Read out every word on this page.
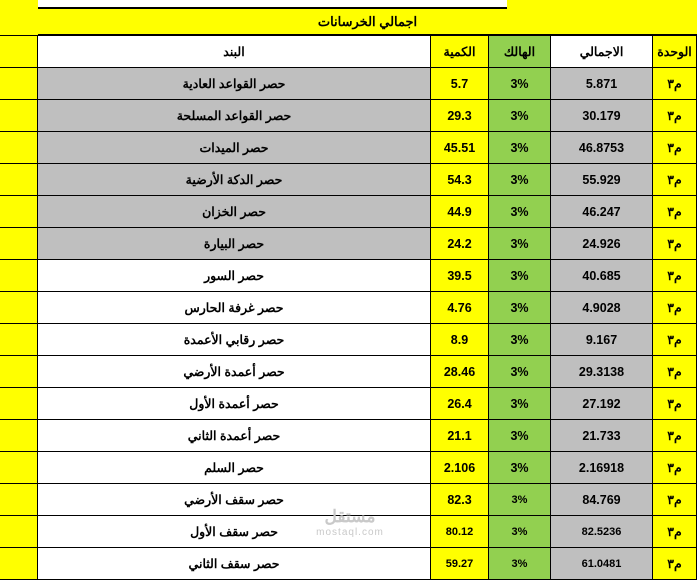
اجمالي الخرسانات
الوحدة	الاجمالي	الهالك	الكمية	البند	
م٣	5.871	3%	5.7	حصر القواعد العادية	
م٣	30.179	3%	29.3	حصر القواعد المسلحة	
م٣	46.8753	3%	45.51	حصر الميدات	
م٣	55.929	3%	54.3	حصر الدكة الأرضية	
م٣	46.247	3%	44.9	حصر الخزان	
م٣	24.926	3%	24.2	حصر البيارة	
م٣	40.685	3%	39.5	حصر السور	
م٣	4.9028	3%	4.76	حصر غرفة الحارس	
م٣	9.167	3%	8.9	حصر رقابي الأعمدة	
م٣	29.3138	3%	28.46	حصر أعمدة الأرضي	
م٣	27.192	3%	26.4	حصر أعمدة الأول	
م٣	21.733	3%	21.1	حصر أعمدة الثاني	
م٣	2.16918	3%	2.106	حصر السلم	
م٣	84.769	3%	82.3	حصر سقف الأرضي	
م٣	82.5236	3%	80.12	حصر سقف الأول	
م٣	61.0481	3%	59.27	حصر سقف الثاني	
مستقل
mostaql.com
